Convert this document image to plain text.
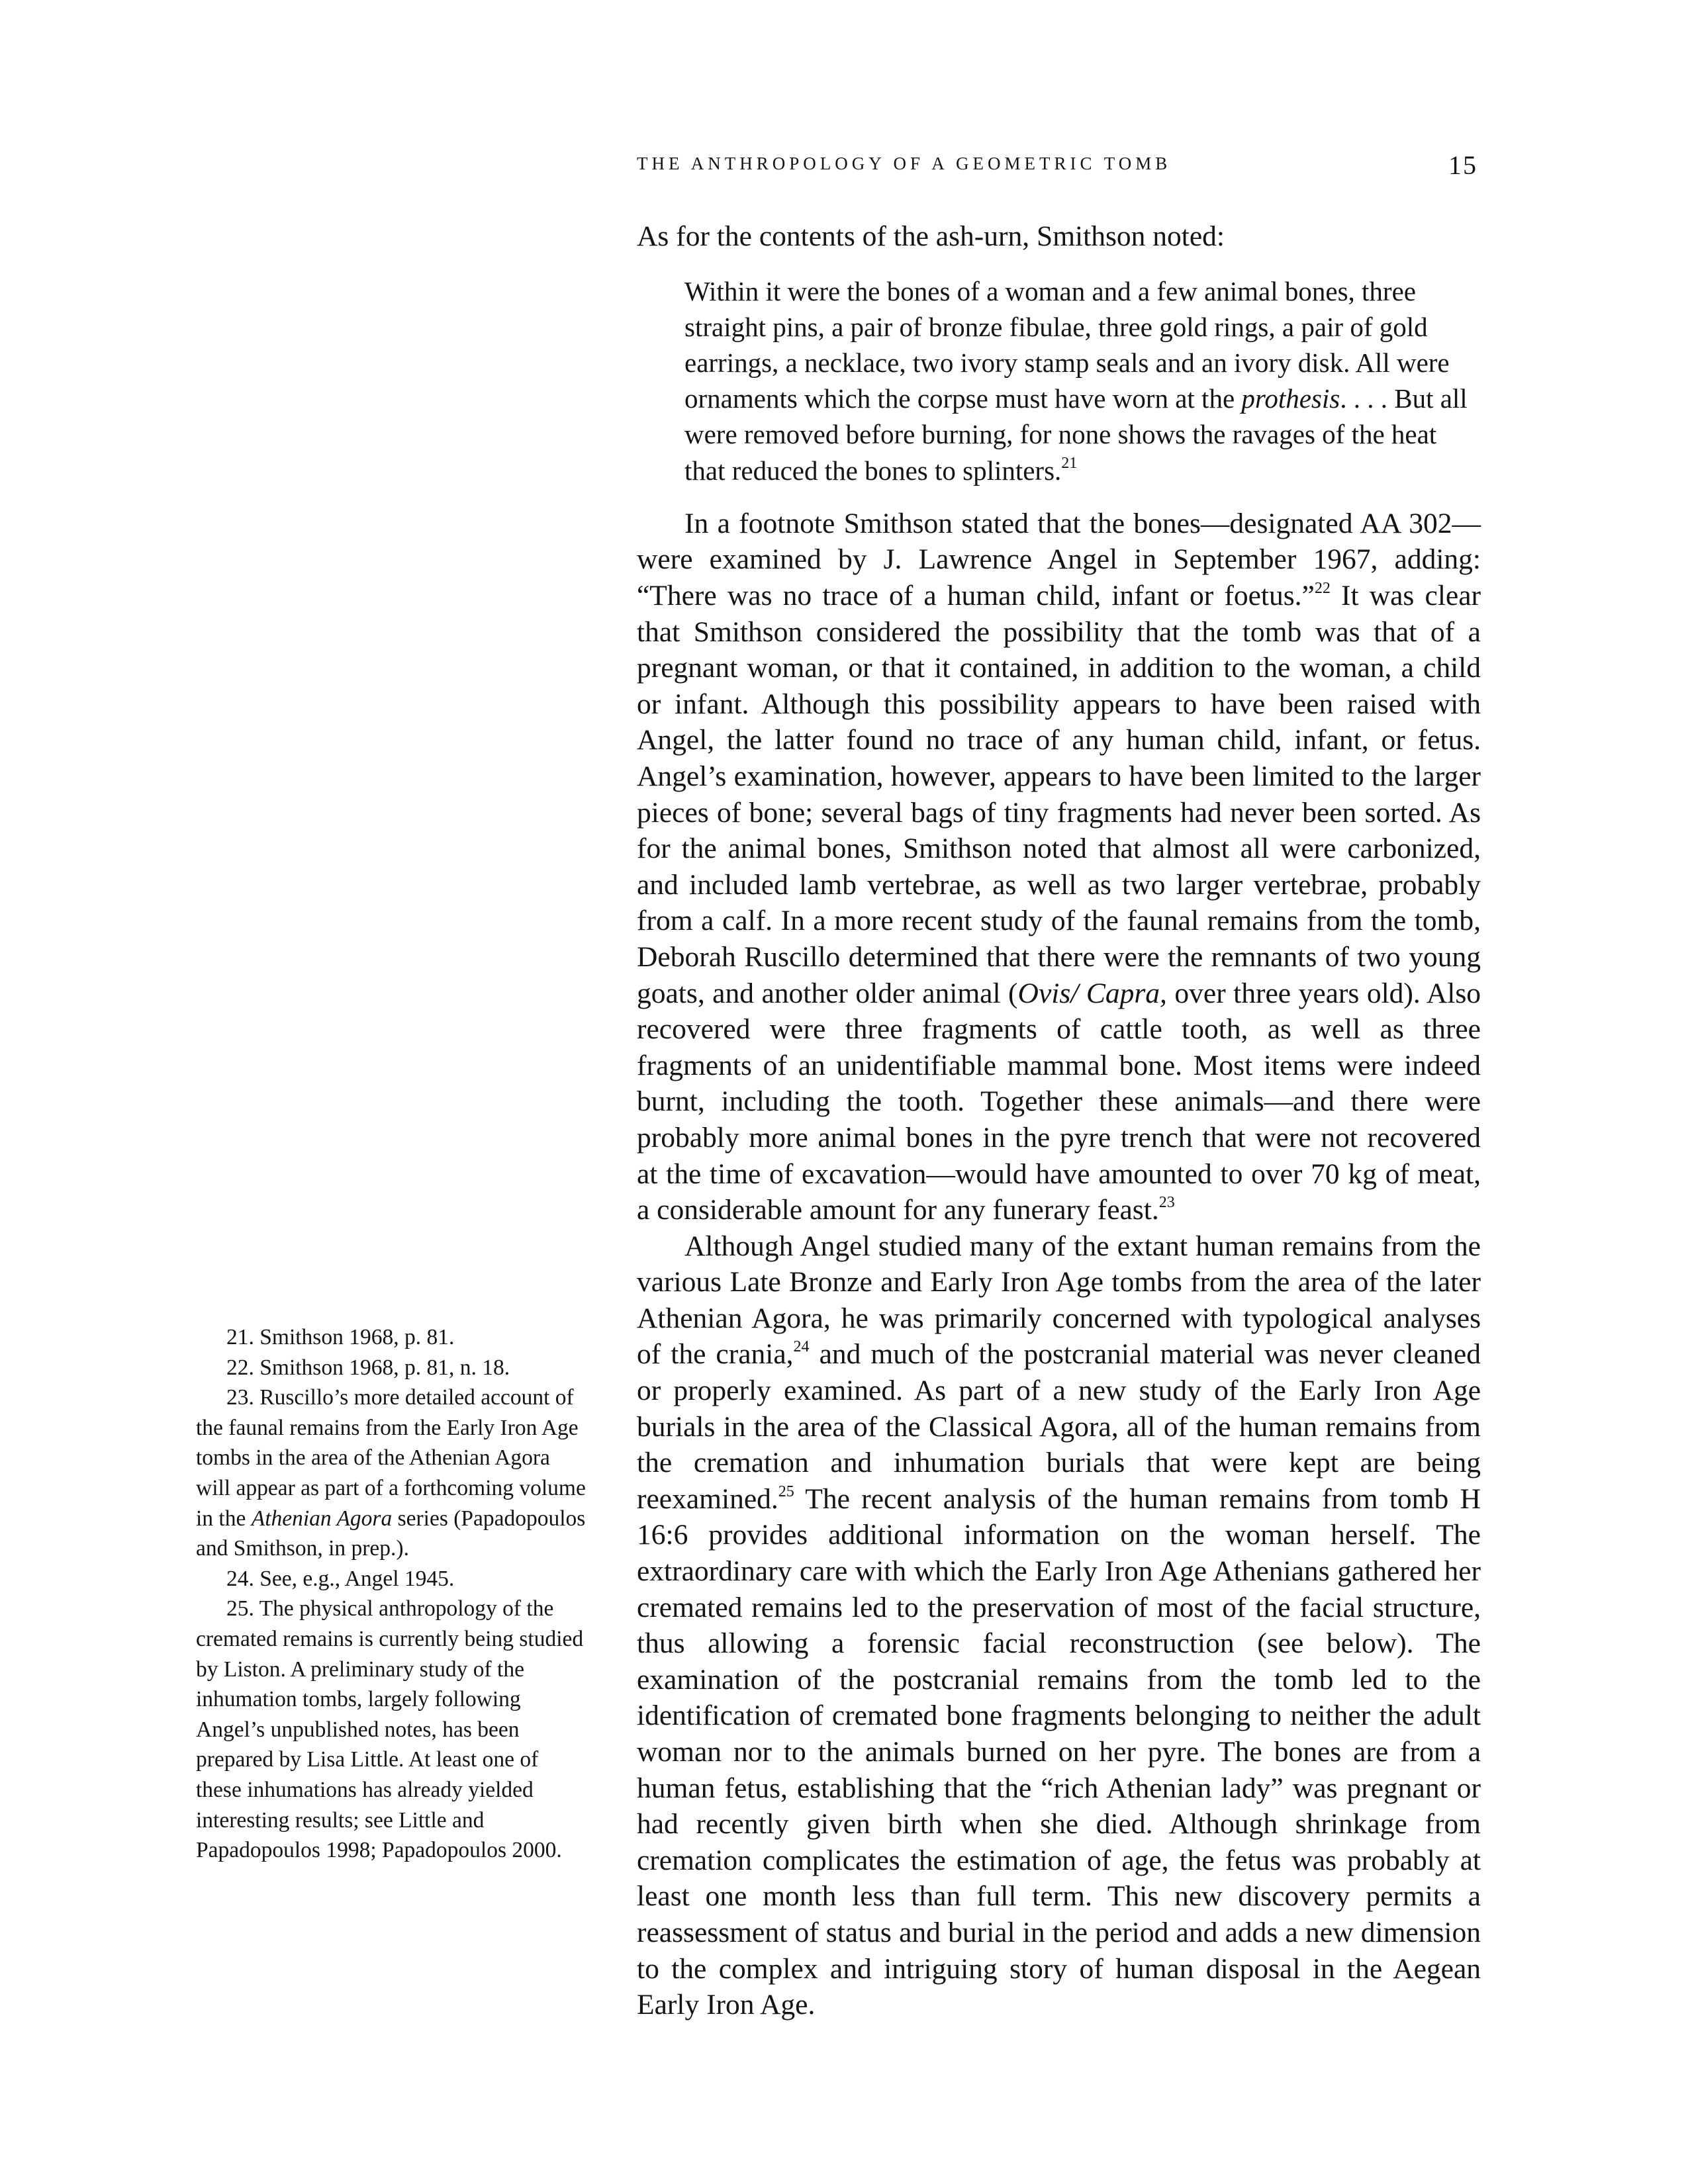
THE ANTHROPOLOGY OF A GEOMETRIC TOMB	15

As for the contents of the ash-urn, Smithson noted:

Within it were the bones of a woman and a few animal bones, three straight pins, a pair of bronze fibulae, three gold rings, a pair of gold earrings, a necklace, two ivory stamp seals and an ivory disk. All were ornaments which the corpse must have worn at the prothesis. . . . But all were removed before burning, for none shows the ravages of the heat that reduced the bones to splinters.$^{21}$

In a footnote Smithson stated that the bones—designated AA 302—were examined by J. Lawrence Angel in September 1967, adding: “There was no trace of a human child, infant or foetus.”$^{22}$ It was clear that Smithson considered the possibility that the tomb was that of a pregnant woman, or that it contained, in addition to the woman, a child or infant. Although this possibility appears to have been raised with Angel, the latter found no trace of any human child, infant, or fetus. Angel’s examination, however, appears to have been limited to the larger pieces of bone; several bags of tiny fragments had never been sorted. As for the animal bones, Smithson noted that almost all were carbonized, and included lamb vertebrae, as well as two larger vertebrae, probably from a calf. In a more recent study of the faunal remains from the tomb, Deborah Ruscillo determined that there were the remnants of two young goats, and another older animal (Ovis/ Capra, over three years old). Also recovered were three fragments of cattle tooth, as well as three fragments of an unidentifiable mammal bone. Most items were indeed burnt, including the tooth. Together these animals—and there were probably more animal bones in the pyre trench that were not recovered at the time of excavation—would have amounted to over 70 kg of meat, a considerable amount for any funerary feast.$^{23}$

Although Angel studied many of the extant human remains from the various Late Bronze and Early Iron Age tombs from the area of the later Athenian Agora, he was primarily concerned with typological analyses of the crania,$^{24}$ and much of the postcranial material was never cleaned or properly examined. As part of a new study of the Early Iron Age burials in the area of the Classical Agora, all of the human remains from the cremation and inhumation burials that were kept are being reexamined.$^{25}$ The recent analysis of the human remains from tomb H 16:6 provides additional information on the woman herself. The extraordinary care with which the Early Iron Age Athenians gathered her cremated remains led to the preservation of most of the facial structure, thus allowing a forensic facial reconstruction (see below). The examination of the postcranial remains from the tomb led to the identification of cremated bone fragments belonging to neither the adult woman nor to the animals burned on her pyre. The bones are from a human fetus, establishing that the “rich Athenian lady” was pregnant or had recently given birth when she died. Although shrinkage from cremation complicates the estimation of age, the fetus was probably at least one month less than full term. This new discovery permits a reassessment of status and burial in the period and adds a new dimension to the complex and intriguing story of human disposal in the Aegean Early Iron Age.

21. Smithson 1968, p. 81.

22. Smithson 1968, p. 81, n. 18.

23. Ruscillo’s more detailed account of the faunal remains from the Early Iron Age tombs in the area of the Athenian Agora will appear as part of a forthcoming volume in the Athenian Agora series (Papadopoulos and Smithson, in prep.).

24. See, e.g., Angel 1945.

25. The physical anthropology of the cremated remains is currently being studied by Liston. A preliminary study of the inhumation tombs, largely following Angel’s unpublished notes, has been prepared by Lisa Little. At least one of these inhumations has already yielded interesting results; see Little and Papadopoulos 1998; Papadopoulos 2000.
